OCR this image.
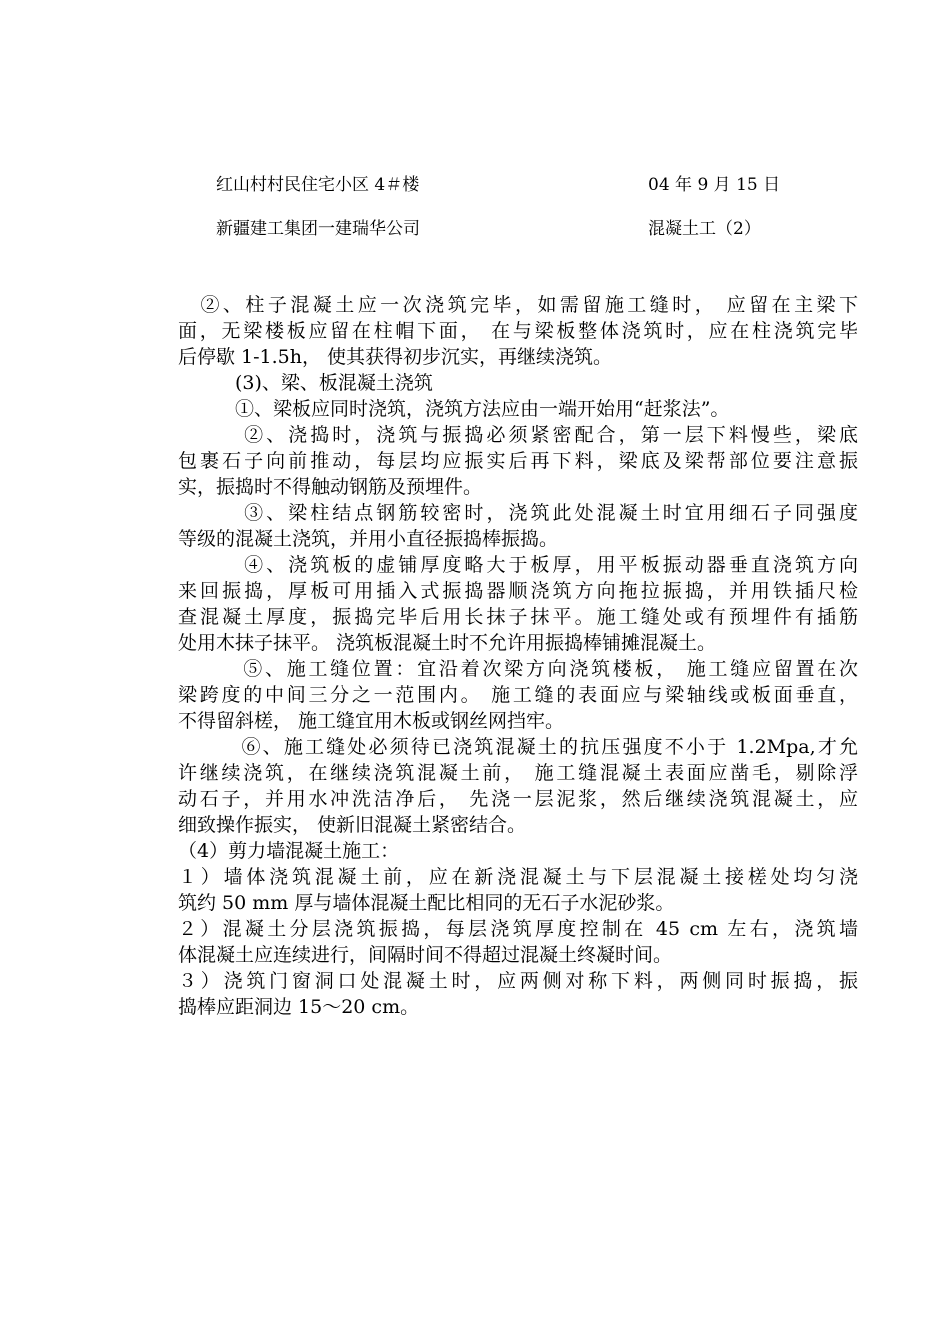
红山村村民住宅小区 4＃楼	04 年 9 月 15 日
新疆建工集团一建瑞华公司	混凝土工（2）
　②、柱子混凝土应一次浇筑完毕，如需留施工缝时， 应留在主梁下
面，无梁楼板应留在柱帽下面， 在与梁板整体浇筑时，应在柱浇筑完毕
后停歇 1-1.5h， 使其获得初步沉实，再继续浇筑。
　　　(3)、梁、板混凝土浇筑
　　　①、梁板应同时浇筑，浇筑方法应由一端开始用“赶浆法”。
　　　②、浇捣时，浇筑与振捣必须紧密配合，第一层下料慢些，梁底
包裹石子向前推动，每层均应振实后再下料，梁底及梁帮部位要注意振
实，振捣时不得触动钢筋及预埋件。
　　　③、梁柱结点钢筋较密时，浇筑此处混凝土时宜用细石子同强度
等级的混凝土浇筑，并用小直径振捣棒振捣。
　　　④、浇筑板的虚铺厚度略大于板厚，用平板振动器垂直浇筑方向
来回振捣，厚板可用插入式振捣器顺浇筑方向拖拉振捣，并用铁插尺检
查混凝土厚度，振捣完毕后用长抹子抹平。施工缝处或有预埋件有插筋
处用木抹子抹平。 浇筑板混凝土时不允许用振捣棒铺摊混凝土。
　　　⑤、施工缝位置：宜沿着次梁方向浇筑楼板， 施工缝应留置在次
梁跨度的中间三分之一范围内。 施工缝的表面应与梁轴线或板面垂直，
不得留斜槎， 施工缝宜用木板或钢丝网挡牢。
　　　⑥、施工缝处必须待已浇筑混凝土的抗压强度不小于 1.2Mpa,才允
许继续浇筑，在继续浇筑混凝土前， 施工缝混凝土表面应凿毛，剔除浮
动石子，并用水冲洗洁净后， 先浇一层泥浆，然后继续浇筑混凝土，应
细致操作振实， 使新旧混凝土紧密结合。
（4）剪力墙混凝土施工：
１）墙体浇筑混凝土前，应在新浇混凝土与下层混凝土接槎处均匀浇
筑约 50 mm 厚与墙体混凝土配比相同的无石子水泥砂浆。
２）混凝土分层浇筑振捣，每层浇筑厚度控制在 45 cm 左右，浇筑墙
体混凝土应连续进行，间隔时间不得超过混凝土终凝时间。
３）浇筑门窗洞口处混凝土时，应两侧对称下料，两侧同时振捣，振
捣棒应距洞边 15～20 cm。
